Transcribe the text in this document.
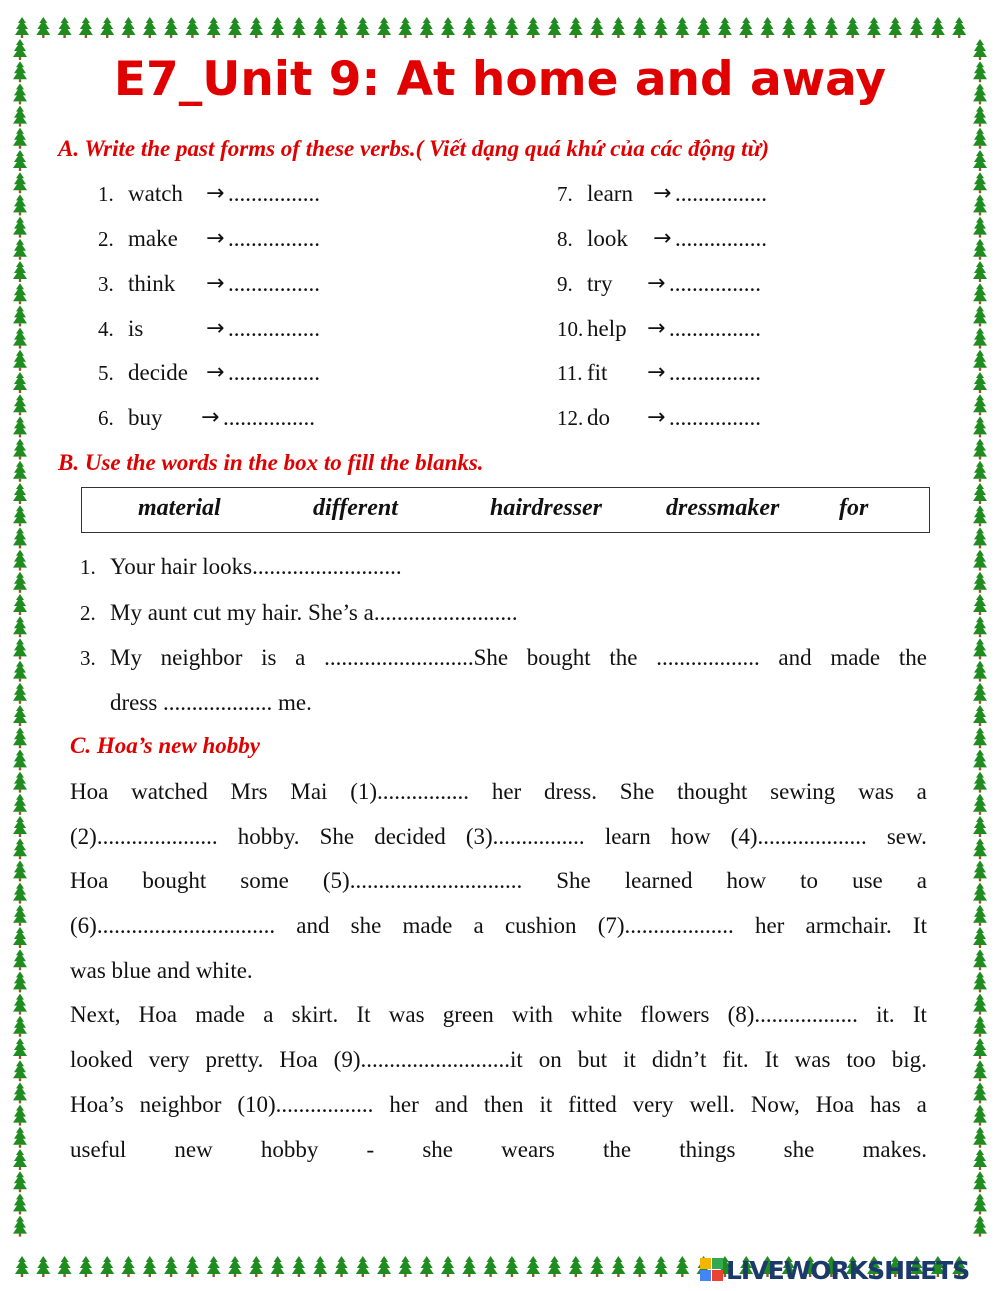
E7_Unit 9: At home and away
A. Write the past forms of these verbs.( Viết dạng quá khứ của các động từ)
1. watch → ................
2. make → ................
3. think → ................
4. is	→ ................
5. decide → ................
6. buy → ................
7. learn → ................
8. look → ................
9. try → ................
10. help → ................
11. fit → ................
12. do → ................
B. Use the words in the box to fill the blanks.
material	different	hairdresser	dressmaker for
1. Your hair looks..........................
2. My aunt cut my hair. She’s a.........................
3. My neighbor is a ..........................She bought the .................. and made the
dress ................... me.
C. Hoa’s new hobby
Hoa watched Mrs Mai (1)................ her dress. She thought sewing was a
(2)..................... hobby. She decided (3)................ learn how (4)................... sew.
Hoa bought some (5).............................. She learned how to use a
(6)............................... and she made a cushion (7)................... her armchair. It
was blue and white.
Next, Hoa made a skirt. It was green with white flowers (8).................. it. It
looked very pretty. Hoa (9)..........................it on but it didn’t fit. It was too big.
Hoa’s neighbor (10)................. her and then it fitted very well. Now, Hoa has a
useful new hobby - she wears the things she makes.
LIVEWORKSHEETS
